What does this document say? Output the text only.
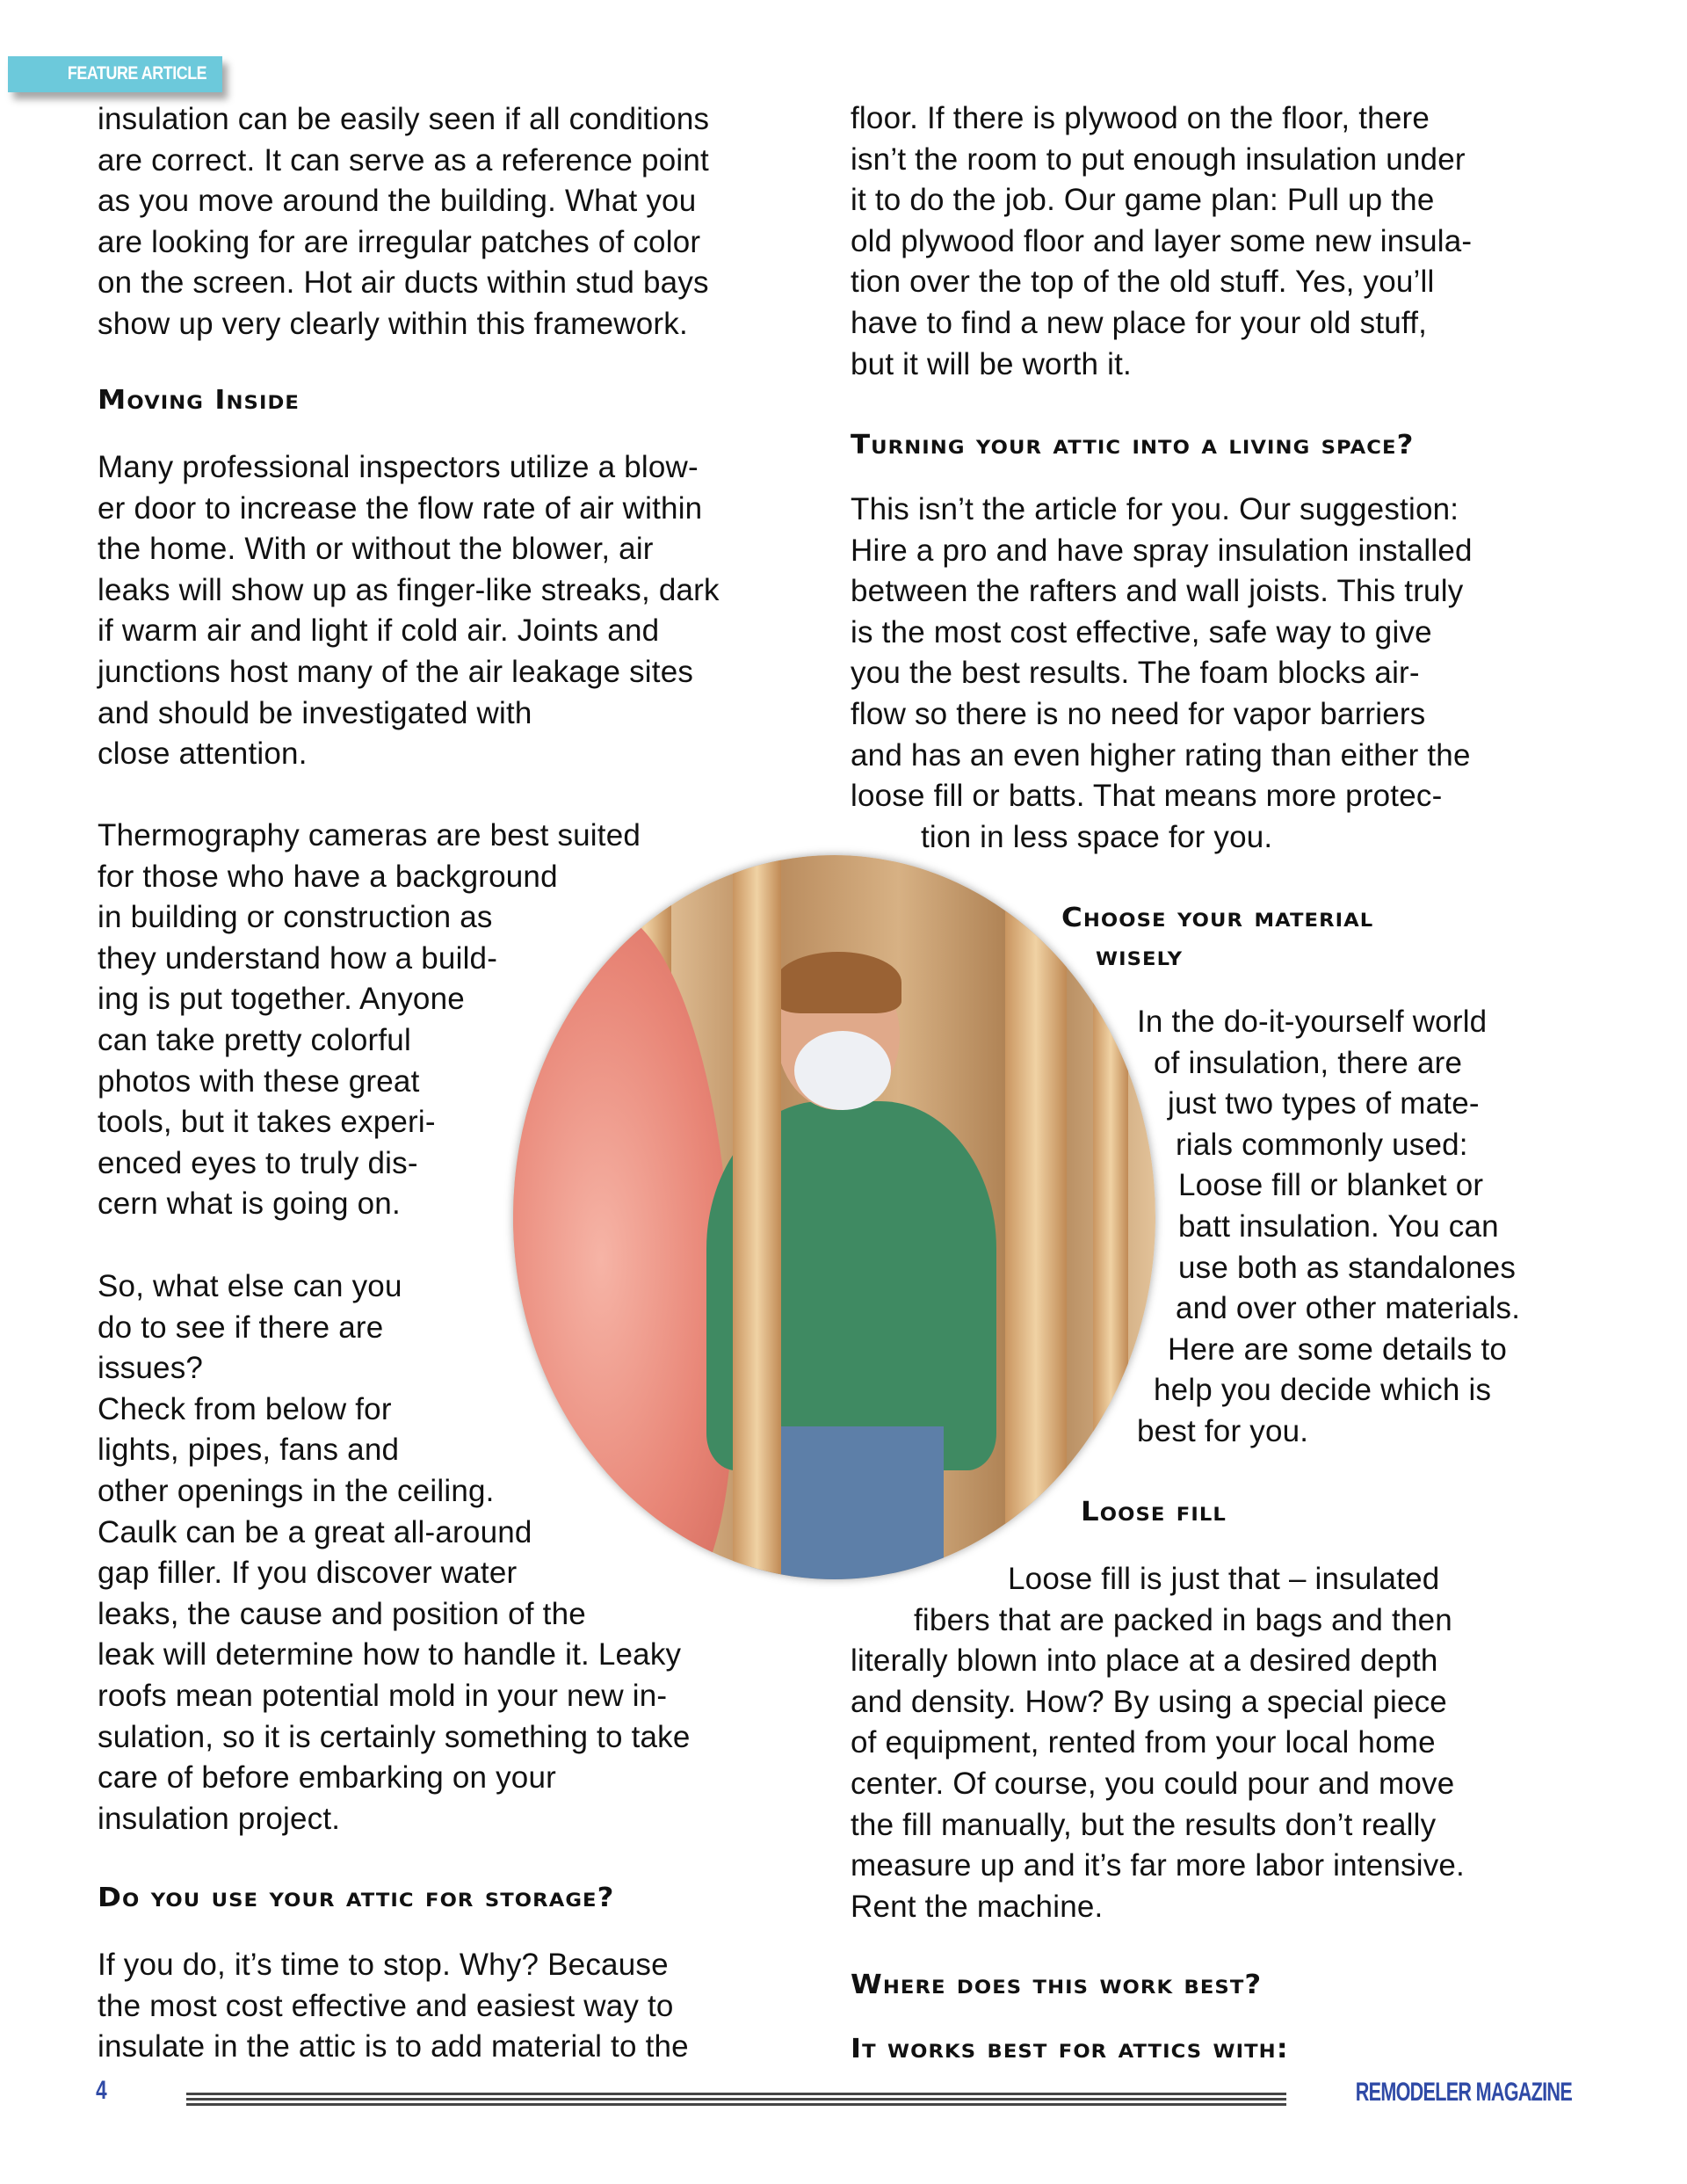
FEATURE ARTICLE
insulation can be easily seen if all conditions
are correct. It can serve as a reference point
as you move around the building. What you
are looking for are irregular patches of color
on the screen. Hot air ducts within stud bays
show up very clearly within this framework.
Moving Inside
Many professional inspectors utilize a blow-
er door to increase the flow rate of air within
the home. With or without the blower, air
leaks will show up as finger-like streaks, dark
if warm air and light if cold air. Joints and
junctions host many of the air leakage sites
and should be investigated with
close attention.
Thermography cameras are best suited
for those who have a background
in building or construction as
they understand how a build-
ing is put together. Anyone
can take pretty colorful
photos with these great
tools, but it takes experi-
enced eyes to truly dis-
cern what is going on.
So, what else can you
do to see if there are
issues?
Check from below for
lights, pipes, fans and
other openings in the ceiling.
Caulk can be a great all-around
gap filler. If you discover water
leaks, the cause and position of the
leak will determine how to handle it. Leaky
roofs mean potential mold in your new in-
sulation, so it is certainly something to take
care of before embarking on your
insulation project.
Do you use your attic for storage?
If you do, it’s time to stop. Why? Because
the most cost effective and easiest way to
insulate in the attic is to add material to the
floor. If there is plywood on the floor, there
isn’t the room to put enough insulation under
it to do the job. Our game plan: Pull up the
old plywood floor and layer some new insula-
tion over the top of the old stuff. Yes, you’ll
have to find a new place for your old stuff,
but it will be worth it.
Turning your attic into a living space?
This isn’t the article for you. Our suggestion:
Hire a pro and have spray insulation installed
between the rafters and wall joists. This truly
is the most cost effective, safe way to give
you the best results. The foam blocks air-
flow so there is no need for vapor barriers
and has an even higher rating than either the
loose fill or batts. That means more protec-
tion in less space for you.
Choose your material
wisely
In the do-it-yourself world
of insulation, there are
just two types of mate-
rials commonly used:
Loose fill or blanket or
batt insulation. You can
use both as standalones
and over other materials.
Here are some details to
help you decide which is
best for you.
Loose fill
Loose fill is just that – insulated
fibers that are packed in bags and then
literally blown into place at a desired depth
and density. How? By using a special piece
of equipment, rented from your local home
center. Of course, you could pour and move
the fill manually, but the results don’t really
measure up and it’s far more labor intensive.
Rent the machine.
Where does this work best?
It works best for attics with:
4	REMODELER MAGAZINE
